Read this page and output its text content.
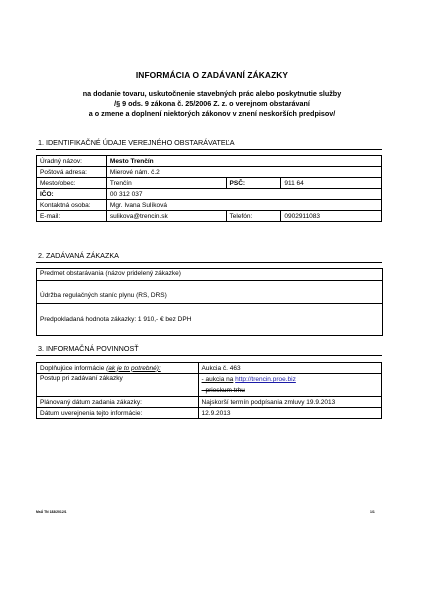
INFORMÁCIA O ZADÁVANÍ ZÁKAZKY
na dodanie tovaru, uskutočnenie stavebných prác alebo poskytnutie služby
/§ 9 ods. 9 zákona č. 25/2006 Z. z. o verejnom obstarávaní
a o zmene a doplnení niektorých zákonov v znení neskorších predpisov/
1. IDENTIFIKAČNÉ ÚDAJE VEREJNÉHO OBSTARÁVATEĽA
Úradný názov:	Mesto Trenčín		
Poštová adresa:	Mierové nám. č.2		
Mesto/obec:	Trenčín	PSČ:	911 64
IČO:	00 312 037		
Kontaktná osoba:	Mgr. Ivana Sulíková		
E-mail:	sulikova@trencin.sk	Telefón:	0902911083
2. ZADÁVANÁ ZÁKAZKA
Predmet obstarávania (názov pridelený zákazke)
Údržba regulačných staníc plynu (RS, DRS)
Predpokladaná hodnota zákazky: 1 910,- € bez DPH
3. INFORMAČNÁ POVINNOSŤ
Doplňujúce informácie (ak je to potrebné):	Aukcia č. 463
Postup pri zadávaní zákazky	- aukcia na http://trencin.proe.biz
- prieskum trhu

Plánovaný dátum zadania zákazky:	Najskorší termín podpísania zmluvy 19.9.2013
Dátum uverejnenia tejto informácie:	12.9.2013
MsÚ TN 183/2012/1	1/1
